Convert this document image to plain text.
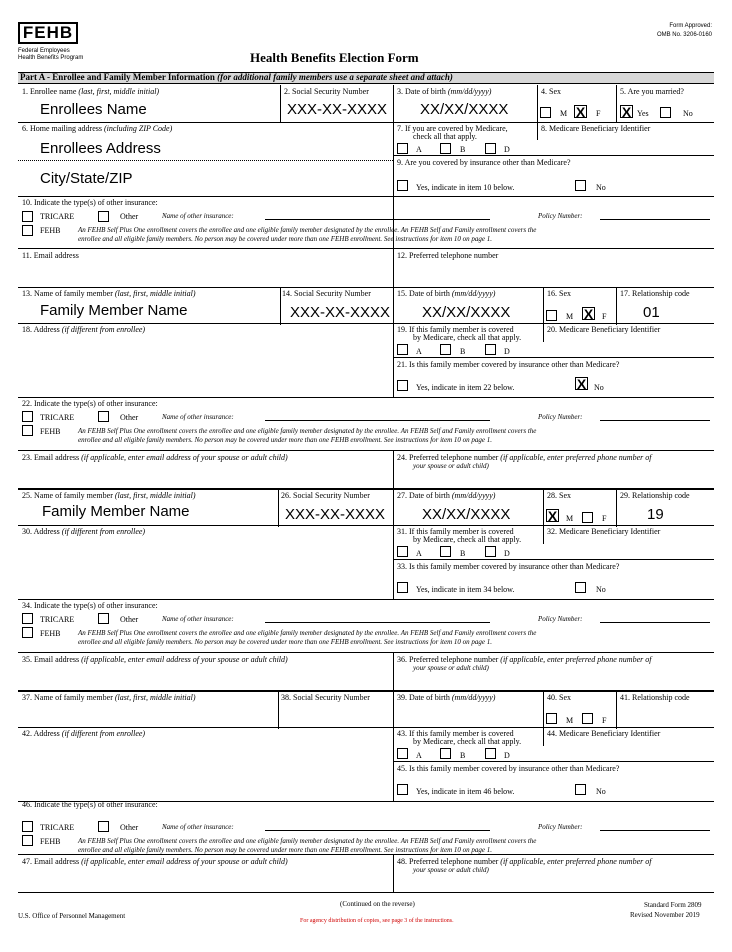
FEHB
Federal Employees
Health Benefits Program	Health Benefits Election Form
Form Approved:
OMB No. 3206-0160
Part A - Enrollee and Family Member Information (for additional family members use a separate sheet and attach)
1. Enrollee name (last, first, middle initial)
Enrollees Name
2. Social Security Number
XXX-XX-XXXX
3. Date of birth (mm/dd/yyyy)
XX/XX/XXXX
4. Sex
M X F
5. Are you married?
X Yes	No
6. Home mailing address (including ZIP Code)
Enrollees Address
City/State/ZIP
7. If you are covered by Medicare,
check all that apply.
A	B	D
8. Medicare Beneficiary Identifier
9. Are you covered by insurance other than Medicare?
Yes, indicate in item 10 below.	No
10. Indicate the type(s) of other insurance:
TRICARE	Other	Name of other insurance:	Policy Number:
FEHB	An FEHB Self Plus One enrollment covers the enrollee and one eligible family member designated by the enrollee. An FEHB Self and Family enrollment covers the
enrollee and all eligible family members. No person may be covered under more than one FEHB enrollment. See instructions for item 10 on page 1.
11. Email address	12. Preferred telephone number
13. Name of family member (last, first, middle initial)
Family Member Name
14. Social Security Number
XXX-XX-XXXX
15. Date of birth (mm/dd/yyyy)
XX/XX/XXXX
16. Sex
M X F
17. Relationship code
01
18. Address (if different from enrollee)	19. If this family member is covered
by Medicare, check all that apply.
A	B	D
20. Medicare Beneficiary Identifier
21. Is this family member covered by insurance other than Medicare?
Yes, indicate in item 22 below.	X No
22. Indicate the type(s) of other insurance:
TRICARE	Other	Name of other insurance:	Policy Number:
FEHB	An FEHB Self Plus One enrollment covers the enrollee and one eligible family member designated by the enrollee. An FEHB Self and Family enrollment covers the
enrollee and all eligible family members. No person may be covered under more than one FEHB enrollment. See instructions for item 10 on page 1.
23. Email address (if applicable, enter email address of your spouse or adult child)	24. Preferred telephone number (if applicable, enter preferred phone number of
your spouse or adult child)
25. Name of family member (last, first, middle initial)
Family Member Name
26. Social Security Number
XXX-XX-XXXX
27. Date of birth (mm/dd/yyyy)
XX/XX/XXXX
28. Sex
X M	F
29. Relationship code
19
30. Address (if different from enrollee)	31. If this family member is covered
by Medicare, check all that apply.
A	B	D
32. Medicare Beneficiary Identifier
33. Is this family member covered by insurance other than Medicare?
Yes, indicate in item 34 below.	No
34. Indicate the type(s) of other insurance:
TRICARE	Other	Name of other insurance:	Policy Number:
FEHB	An FEHB Self Plus One enrollment covers the enrollee and one eligible family member designated by the enrollee. An FEHB Self and Family enrollment covers the
enrollee and all eligible family members. No person may be covered under more than one FEHB enrollment. See instructions for item 10 on page 1.
35. Email address (if applicable, enter email address of your spouse or adult child)	36. Preferred telephone number (if applicable, enter preferred phone number of
your spouse or adult child)
37. Name of family member (last, first, middle initial)	38. Social Security Number	39. Date of birth (mm/dd/yyyy)	40. Sex
M	F
41. Relationship code
42. Address (if different from enrollee)	43. If this family member is covered
by Medicare, check all that apply.
A	B	D
44. Medicare Beneficiary Identifier
45. Is this family member covered by insurance other than Medicare?
Yes, indicate in item 46 below.	No
46. Indicate the type(s) of other insurance:
TRICARE	Other	Name of other insurance:	Policy Number:
FEHB	An FEHB Self Plus One enrollment covers the enrollee and one eligible family member designated by the enrollee. An FEHB Self and Family enrollment covers the
enrollee and all eligible family members. No person may be covered under more than one FEHB enrollment. See instructions for item 10 on page 1.
47. Email address (if applicable, enter email address of your spouse or adult child)	48. Preferred telephone number (if applicable, enter preferred phone number of
your spouse or adult child)
(Continued on the reverse)
U.S. Office of Personnel Management
For agency distribution of copies, see page 3 of the instructions.
Standard Form 2809
Revised November 2019
